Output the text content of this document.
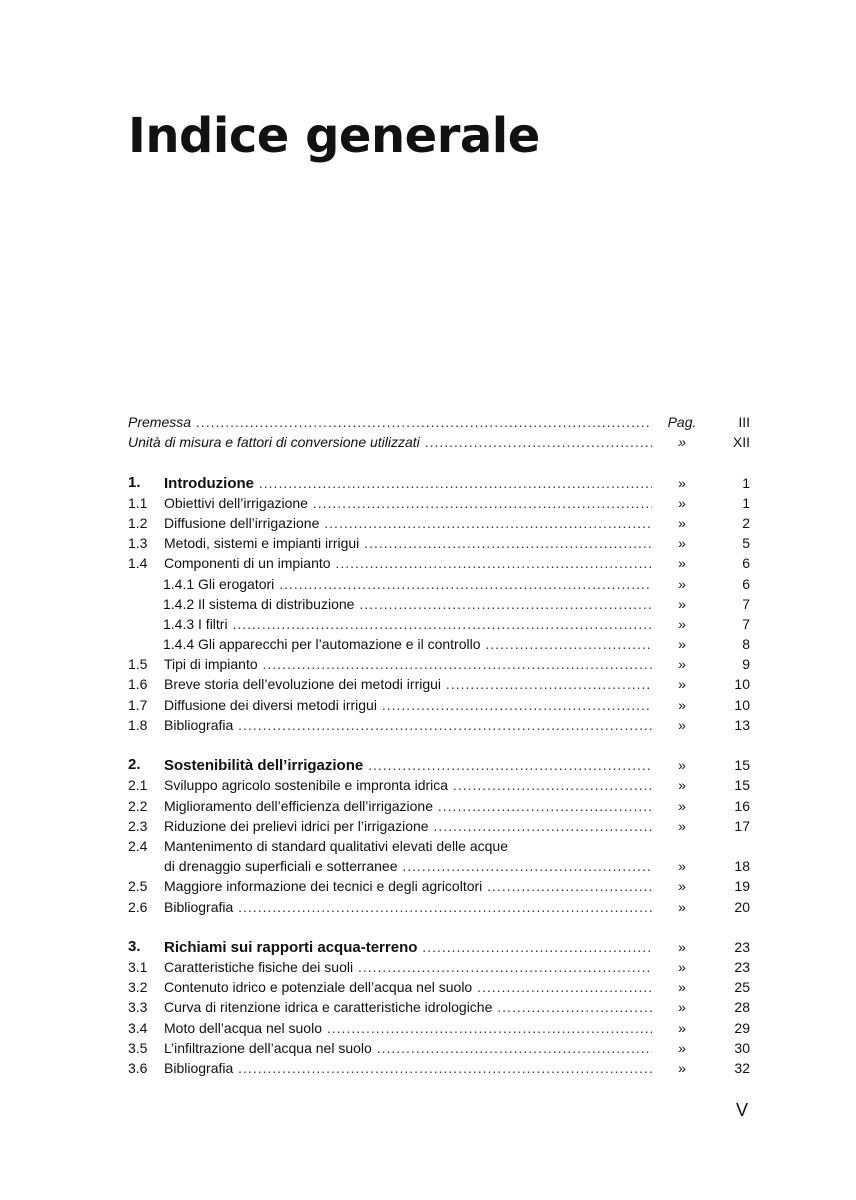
Indice generale
Premessa .....	Pag.	III
Unità di misura e fattori di conversione utilizzati .....	»	XII
1. Introduzione .....	»	1
1.1 Obiettivi dell’irrigazione .....	»	1
1.2 Diffusione dell’irrigazione .....	»	2
1.3 Metodi, sistemi e impianti irrigui .....	»	5
1.4 Componenti di un impianto .....	»	6
1.4.1 Gli erogatori .....	»	6
1.4.2 Il sistema di distribuzione .....	»	7
1.4.3 I filtri .....	»	7
1.4.4 Gli apparecchi per l’automazione e il controllo .....	»	8
1.5 Tipi di impianto .....	»	9
1.6 Breve storia dell’evoluzione dei metodi irrigui .....	»	10
1.7 Diffusione dei diversi metodi irrigui .....	»	10
1.8 Bibliografia .....	»	13
2. Sostenibilità dell’irrigazione .....	»	15
2.1 Sviluppo agricolo sostenibile e impronta idrica .....	»	15
2.2 Miglioramento dell’efficienza dell’irrigazione .....	»	16
2.3 Riduzione dei prelievi idrici per l’irrigazione .....	»	17
2.4 Mantenimento di standard qualitativi elevati delle acque
di drenaggio superficiali e sotterranee .....	»	18
2.5 Maggiore informazione dei tecnici e degli agricoltori .....	»	19
2.6 Bibliografia .....	»	20
3. Richiami sui rapporti acqua-terreno .....	»	23
3.1 Caratteristiche fisiche dei suoli .....	»	23
3.2 Contenuto idrico e potenziale dell’acqua nel suolo .....	»	25
3.3 Curva di ritenzione idrica e caratteristiche idrologiche .....	»	28
3.4 Moto dell’acqua nel suolo .....	»	29
3.5 L’infiltrazione dell’acqua nel suolo .....	»	30
3.6 Bibliografia .....	»	32
V
